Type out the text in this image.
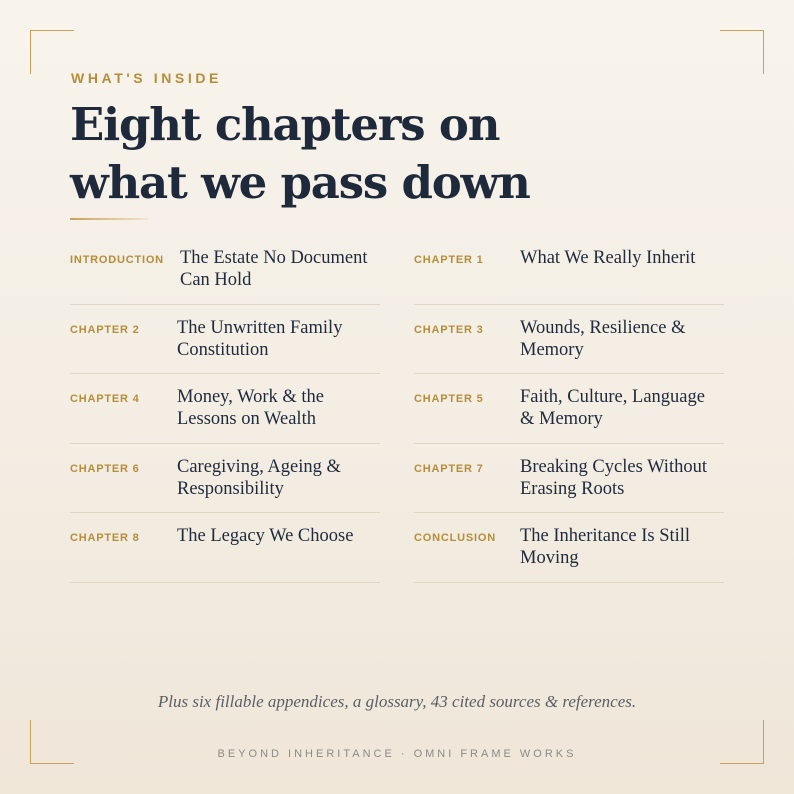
WHAT'S INSIDE
Eight chapters on
what we pass down
INTRODUCTION The Estate No Document
Can Hold
CHAPTER 2 The Unwritten Family
Constitution
CHAPTER 4 Money, Work & the
Lessons on Wealth
CHAPTER 6 Caregiving, Ageing &
Responsibility
CHAPTER 8 The Legacy We Choose
CHAPTER 1 What We Really Inherit
CHAPTER 3 Wounds, Resilience &
Memory
CHAPTER 5 Faith, Culture, Language
& Memory
CHAPTER 7 Breaking Cycles Without
Erasing Roots
CONCLUSION The Inheritance Is Still
Moving
Plus six fillable appendices, a glossary, 43 cited sources & references.
BEYOND INHERITANCE · OMNI FRAME WORKS
